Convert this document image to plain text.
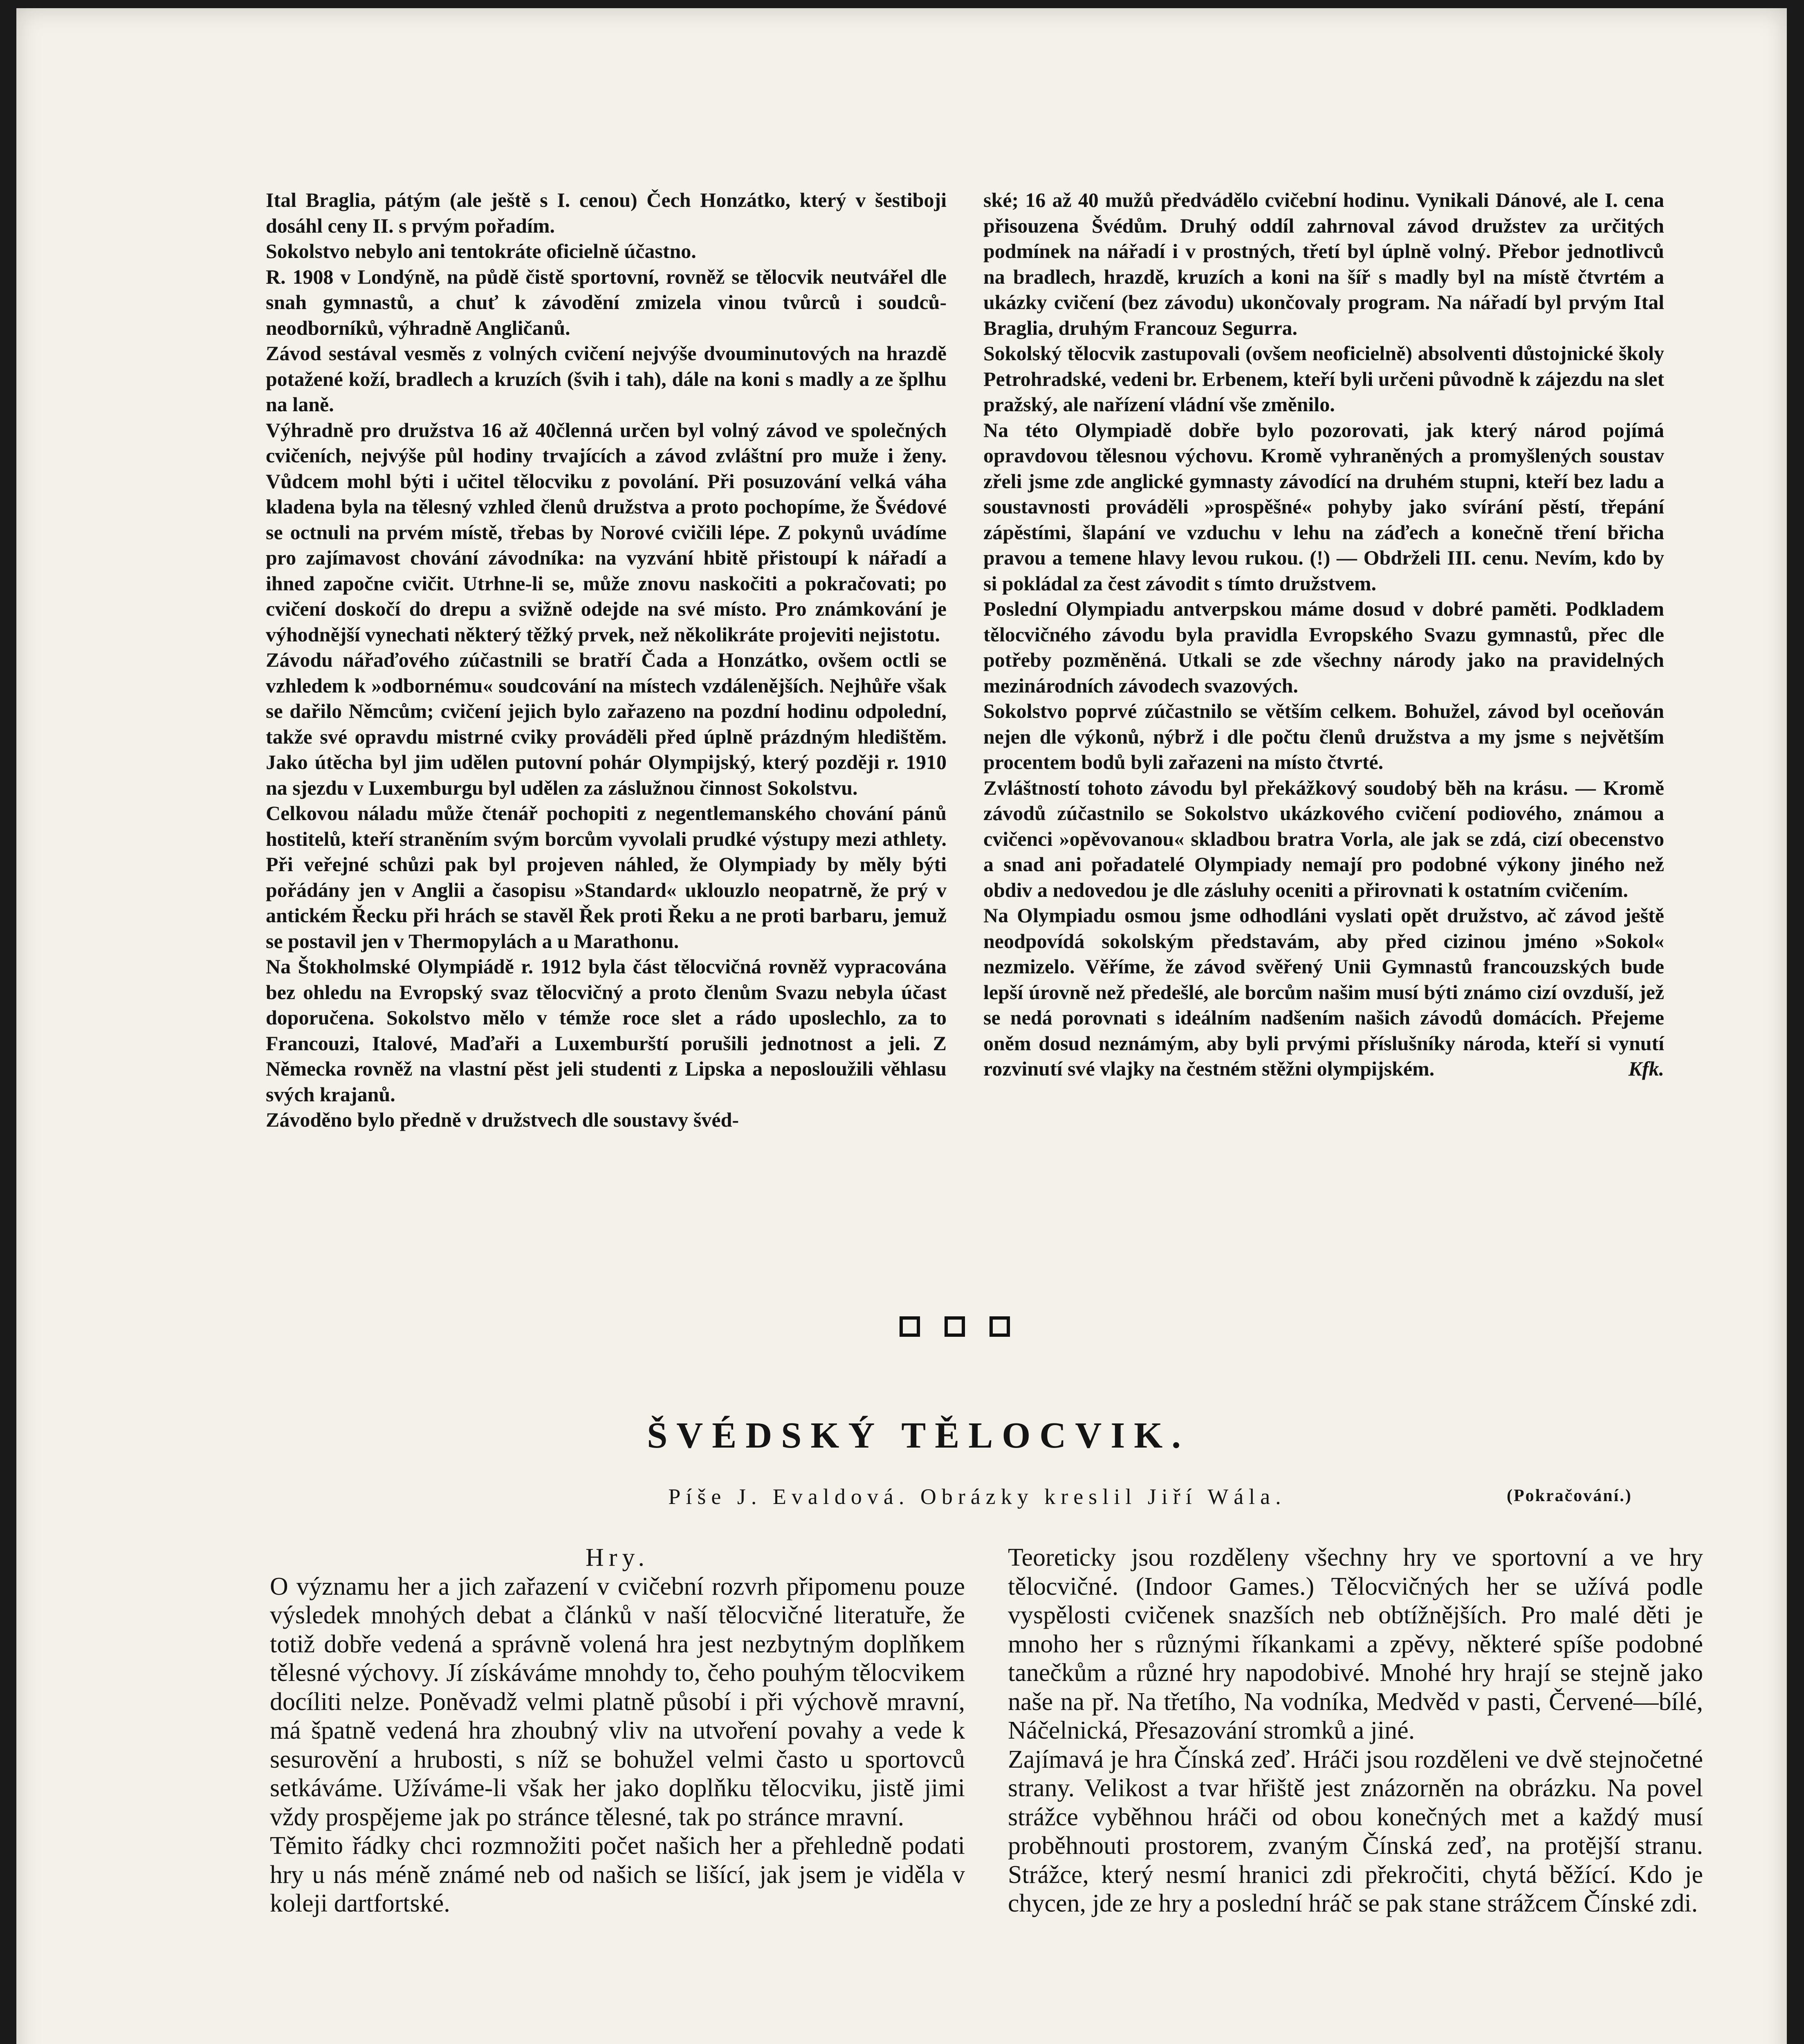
Ital Braglia, pátým (ale ještě s I. cenou) Čech Honzátko, který v šestiboji dosáhl ceny II. s prvým pořadím.

Sokolstvo nebylo ani tentokráte oficielně účastno.

R. 1908 v Londýně, na půdě čistě sportovní, rovněž se tělocvik neutvářel dle snah gymnastů, a chuť k závodění zmizela vinou tvůrců i soudců-neodborníků, výhradně Angličanů.

Závod sestával vesměs z volných cvičení nejvýše dvouminutových na hrazdě potažené koží, bradlech a kruzích (švih i tah), dále na koni s madly a ze šplhu na laně.

Výhradně pro družstva 16 až 40členná určen byl volný závod ve společných cvičeních, nejvýše půl hodiny trvajících a závod zvláštní pro muže i ženy. Vůdcem mohl býti i učitel tělocviku z povolání. Při posuzování velká váha kladena byla na tělesný vzhled členů družstva a proto pochopíme, že Švédové se octnuli na prvém místě, třebas by Norové cvičili lépe. Z pokynů uvádíme pro zajímavost chování závodníka: na vyzvání hbitě přistoupí k nářadí a ihned započne cvičit. Utrhne-li se, může znovu naskočiti a pokračovati; po cvičení doskočí do drepu a svižně odejde na své místo. Pro známkování je výhodnější vynechati některý těžký prvek, než několikráte projeviti nejistotu.

Závodu nářaďového zúčastnili se bratří Čada a Honzátko, ovšem octli se vzhledem k »odbornému« soudcování na místech vzdálenějších. Nejhůře však se dařilo Němcům; cvičení jejich bylo zařazeno na pozdní hodinu odpolední, takže své opravdu mistrné cviky prováděli před úplně prázdným hledištěm. Jako útěcha byl jim udělen putovní pohár Olympijský, který později r. 1910 na sjezdu v Luxemburgu byl udělen za záslužnou činnost Sokolstvu.

Celkovou náladu může čtenář pochopiti z negentlemanského chování pánů hostitelů, kteří straněním svým borcům vyvolali prudké výstupy mezi athlety. Při veřejné schůzi pak byl projeven náhled, že Olympiady by měly býti pořádány jen v Anglii a časopisu »Standard« uklouzlo neopatrně, že prý v antickém Řecku při hrách se stavěl Řek proti Řeku a ne proti barbaru, jemuž se postavil jen v Thermopylách a u Marathonu.

Na Štokholmské Olympiádě r. 1912 byla část tělocvičná rovněž vypracována bez ohledu na Evropský svaz tělocvičný a proto členům Svazu nebyla účast doporučena. Sokolstvo mělo v témže roce slet a rádo uposlechlo, za to Francouzi, Italové, Maďaři a Luxemburští porušili jednotnost a jeli. Z Německa rovněž na vlastní pěst jeli studenti z Lipska a neposloužili věhlasu svých krajanů.

Závoděno bylo předně v družstvech dle soustavy švéd-

ské; 16 až 40 mužů předvádělo cvičební hodinu. Vynikali Dánové, ale I. cena přisouzena Švédům. Druhý oddíl zahrnoval závod družstev za určitých podmínek na nářadí i v prostných, třetí byl úplně volný. Přebor jednotlivců na bradlech, hrazdě, kruzích a koni na šíř s madly byl na místě čtvrtém a ukázky cvičení (bez závodu) ukončovaly program. Na nářadí byl prvým Ital Braglia, druhým Francouz Segurra.

Sokolský tělocvik zastupovali (ovšem neoficielně) absolventi důstojnické školy Petrohradské, vedeni br. Erbenem, kteří byli určeni původně k zájezdu na slet pražský, ale nařízení vládní vše změnilo.

Na této Olympiadě dobře bylo pozorovati, jak který národ pojímá opravdovou tělesnou výchovu. Kromě vyhraněných a promyšlených soustav zřeli jsme zde anglické gymnasty závodící na druhém stupni, kteří bez ladu a soustavnosti prováděli »prospěšné« pohyby jako svírání pěstí, třepání zápěstími, šlapání ve vzduchu v lehu na záďech a konečně tření břicha pravou a temene hlavy levou rukou. (!) — Obdrželi III. cenu. Nevím, kdo by si pokládal za čest závodit s tímto družstvem.

Poslední Olympiadu antverpskou máme dosud v dobré paměti. Podkladem tělocvičného závodu byla pravidla Evropského Svazu gymnastů, přec dle potřeby pozměněná. Utkali se zde všechny národy jako na pravidelných mezinárodních závodech svazových.

Sokolstvo poprvé zúčastnilo se větším celkem. Bohužel, závod byl oceňován nejen dle výkonů, nýbrž i dle počtu členů družstva a my jsme s největším procentem bodů byli zařazeni na místo čtvrté.

Zvláštností tohoto závodu byl překážkový soudobý běh na krásu. — Kromě závodů zúčastnilo se Sokolstvo ukázkového cvičení podiového, známou a cvičenci »opěvovanou« skladbou bratra Vorla, ale jak se zdá, cizí obecenstvo a snad ani pořadatelé Olympiady nemají pro podobné výkony jiného než obdiv a nedovedou je dle zásluhy oceniti a přirovnati k ostatním cvičením.

Na Olympiadu osmou jsme odhodláni vyslati opět družstvo, ač závod ještě neodpovídá sokolským představám, aby před cizinou jméno »Sokol« nezmizelo. Věříme, že závod svěřený Unii Gymnastů francouzských bude lepší úrovně než předešlé, ale borcům našim musí býti známo cizí ovzduší, jež se nedá porovnati s ideálním nadšením našich závodů domácích. Přejeme oněm dosud neznámým, aby byli prvými příslušníky národa, kteří si vynutí rozvinutí své vlajky na čestném stěžni olympijském.	Kfk.

ŠVÉDSKÝ TĚLOCVIK.
Píše J. Evaldová. Obrázky kreslil Jiří Wála.	(Pokračování.)

Hry.

O významu her a jich zařazení v cvičební rozvrh připomenu pouze výsledek mnohých debat a článků v naší tělocvičné literatuře, že totiž dobře vedená a správně volená hra jest nezbytným doplňkem tělesné výchovy. Jí získáváme mnohdy to, čeho pouhým tělocvikem docíliti nelze. Poněvadž velmi platně působí i při výchově mravní, má špatně vedená hra zhoubný vliv na utvoření povahy a vede k sesurovění a hrubosti, s níž se bohužel velmi často u sportovců setkáváme. Užíváme-li však her jako doplňku tělocviku, jistě jimi vždy prospějeme jak po stránce tělesné, tak po stránce mravní.

Těmito řádky chci rozmnožiti počet našich her a přehledně podati hry u nás méně známé neb od našich se lišící, jak jsem je viděla v koleji dartfortské.

Teoreticky jsou rozděleny všechny hry ve sportovní a ve hry tělocvičné. (Indoor Games.) Tělocvičných her se užívá podle vyspělosti cvičenek snazších neb obtížnějších. Pro malé děti je mnoho her s různými říkankami a zpěvy, některé spíše podobné tanečkům a různé hry napodobivé. Mnohé hry hrají se stejně jako naše na př. Na třetího, Na vodníka, Medvěd v pasti, Červené—bílé, Náčelnická, Přesazování stromků a jiné.

Zajímavá je hra Čínská zeď. Hráči jsou rozděleni ve dvě stejnočetné strany. Velikost a tvar hřiště jest znázorněn na obrázku. Na povel strážce vyběhnou hráči od obou konečných met a každý musí proběhnouti prostorem, zvaným Čínská zeď, na protější stranu. Strážce, který nesmí hranici zdi překročiti, chytá běžící. Kdo je chycen, jde ze hry a poslední hráč se pak stane strážcem Čínské zdi.
